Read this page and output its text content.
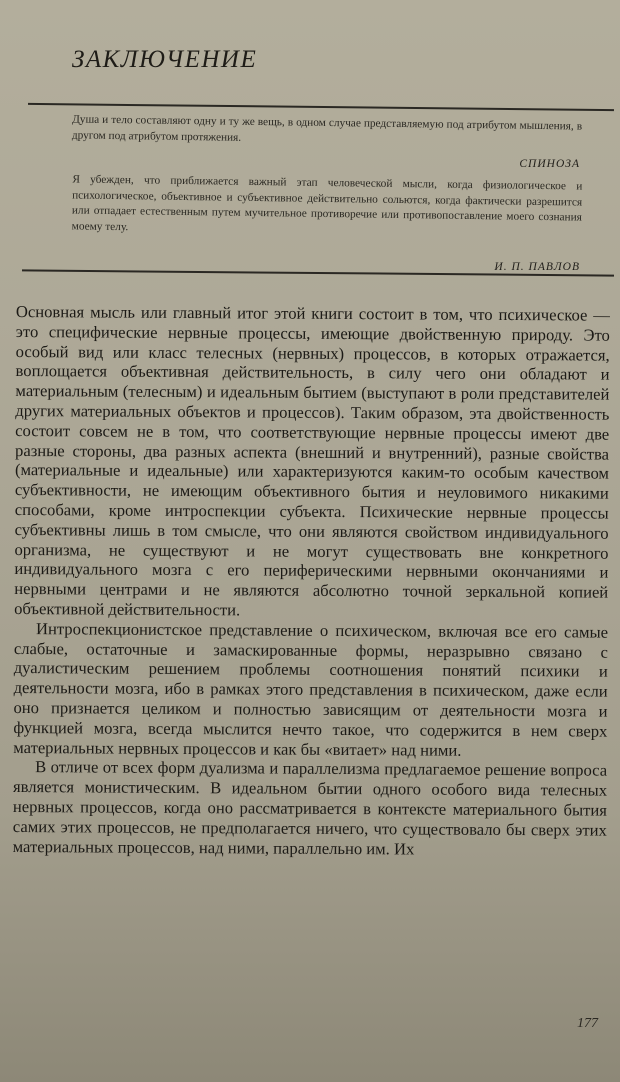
ЗАКЛЮЧЕНИЕ
Душа и тело составляют одну и ту же вещь, в одном случае представляемую под атрибутом мышления, в другом под атрибутом протяжения.
СПИНОЗА
Я убежден, что приближается важный этап человеческой мысли, когда физиологическое и психологическое, объективное и субъективное действительно сольются, когда фактически разрешится или отпадает естественным путем мучительное противоречие или противопоставление моего сознания моему телу.
И. П. ПАВЛОВ

Основная мысль или главный итог этой книги состоит в том, что психическое — это специфические нервные процессы, имеющие двойственную природу. Это особый вид или класс телесных (нервных) процессов, в которых отражается, воплощается объективная действительность, в силу чего они обладают и материальным (телесным) и идеальным бытием (выступают в роли представителей других материальных объектов и процессов). Таким образом, эта двойственность состоит совсем не в том, что соответствующие нервные процессы имеют две разные стороны, два разных аспекта (внешний и внутренний), разные свойства (материальные и идеальные) или характеризуются каким-то особым качеством субъективности, не имеющим объективного бытия и неуловимого никакими способами, кроме интроспекции субъекта. Психические нервные процессы субъективны лишь в том смысле, что они являются свойством индивидуального организма, не существуют и не могут существовать вне конкретного индивидуального мозга с его периферическими нервными окончаниями и нервными центрами и не являются абсолютно точной зеркальной копией объективной действительности.

Интроспекционистское представление о психическом, включая все его самые слабые, остаточные и замаскированные формы, неразрывно связано с дуалистическим решением проблемы соотношения понятий психики и деятельности мозга, ибо в рамках этого представления в психическом, даже если оно признается целиком и полностью зависящим от деятельности мозга и функцией мозга, всегда мыслится нечто такое, что содержится в нем сверх материальных нервных процессов и как бы «витает» над ними.

В отличе от всех форм дуализма и параллелизма предлагаемое решение вопроса является монистическим. В идеальном бытии одного особого вида телесных нервных процессов, когда оно рассматривается в контексте материального бытия самих этих процессов, не предполагается ничего, что существовало бы сверх этих материальных процессов, над ними, параллельно им. Их

177
